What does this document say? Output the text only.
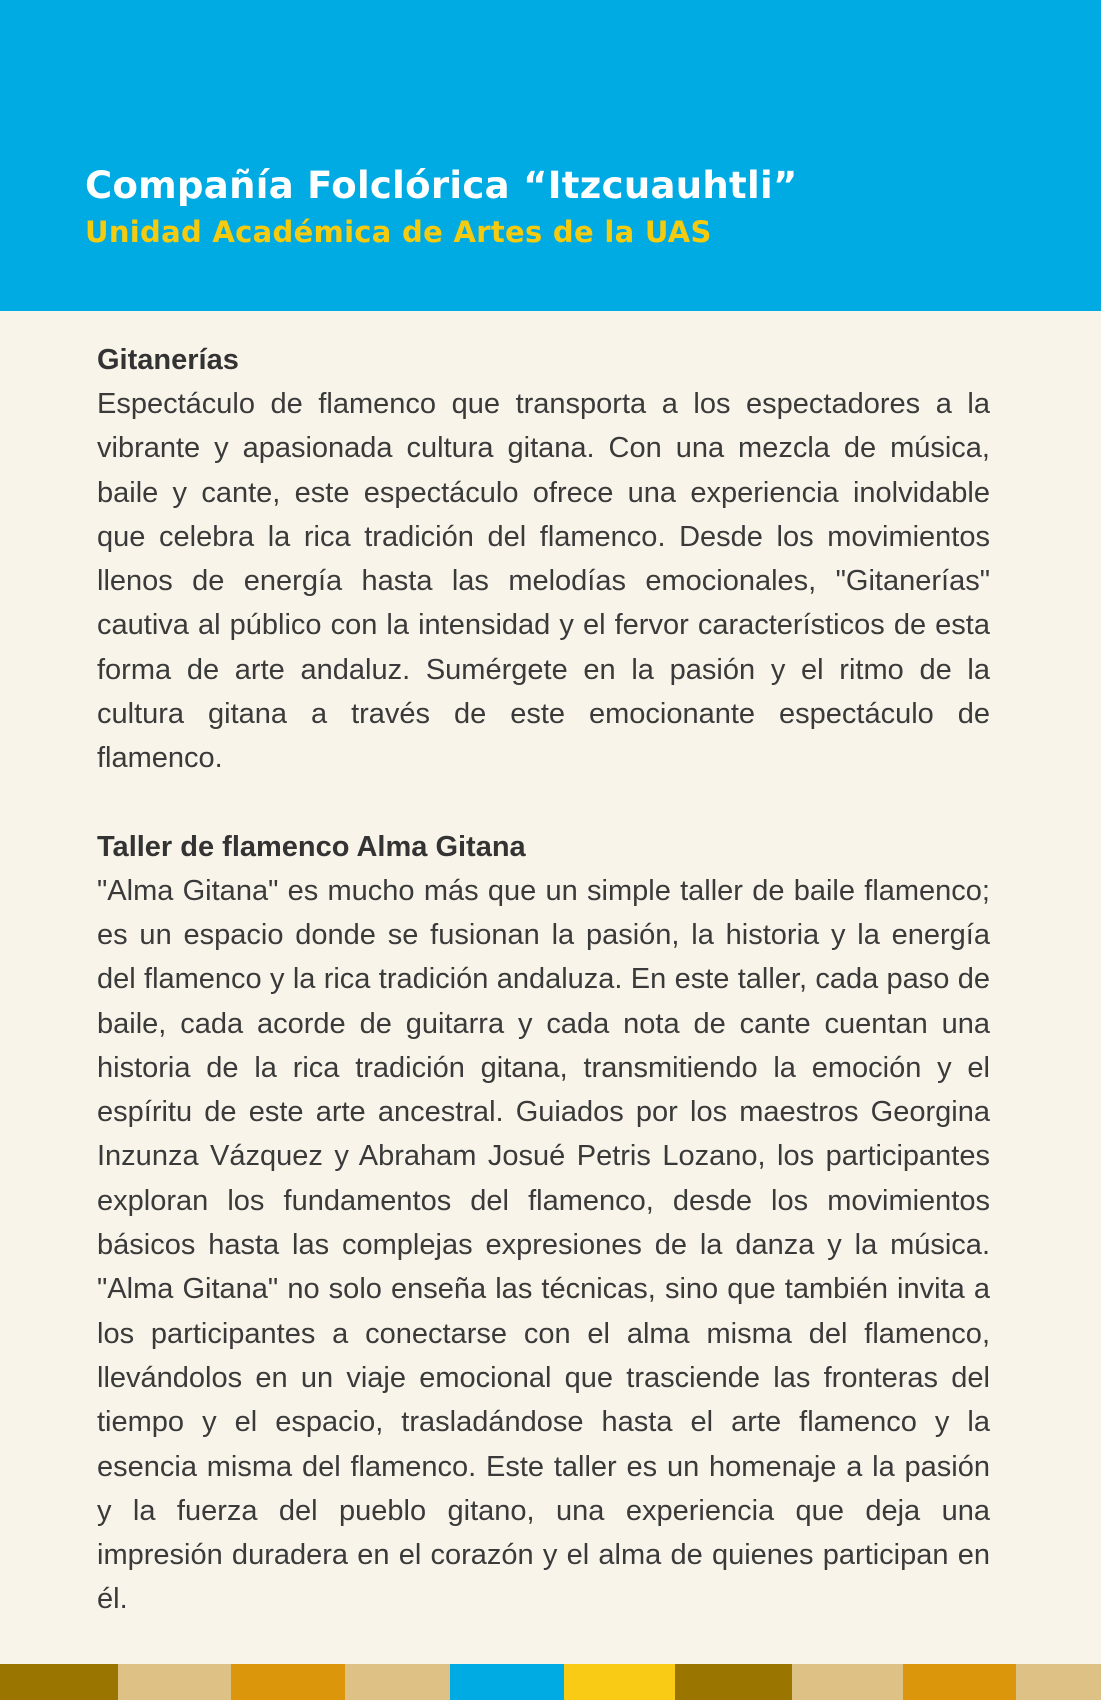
Compañía Folclórica “Itzcuauhtli”
Unidad Académica de Artes de la UAS
Gitanerías

Espectáculo de flamenco que transporta a los espectadores a la vibrante y apasionada cultura gitana. Con una mezcla de música, baile y cante, este espectáculo ofrece una experiencia inolvidable que celebra la rica tradición del flamenco. Desde los movimientos llenos de energía hasta las melodías emocionales, "Gitanerías" cautiva al público con la intensidad y el fervor característicos de esta forma de arte andaluz. Sumérgete en la pasión y el ritmo de la cultura gitana a través de este emocionante espectáculo de flamenco.

Taller de flamenco Alma Gitana

"Alma Gitana" es mucho más que un simple taller de baile flamenco; es un espacio donde se fusionan la pasión, la historia y la energía del flamenco y la rica tradición andaluza. En este taller, cada paso de baile, cada acorde de guitarra y cada nota de cante cuentan una historia de la rica tradición gitana, transmitiendo la emoción y el espíritu de este arte ancestral. Guiados por los maestros Georgina Inzunza Vázquez y Abraham Josué Petris Lozano, los participantes exploran los fundamentos del flamenco, desde los movimientos básicos hasta las complejas expresiones de la danza y la música. "Alma Gitana" no solo enseña las técnicas, sino que también invita a los participantes a conectarse con el alma misma del flamenco, llevándolos en un viaje emocional que trasciende las fronteras del tiempo y el espacio, trasladándose hasta el arte flamenco y la esencia misma del flamenco. Este taller es un homenaje a la pasión y la fuerza del pueblo gitano, una experiencia que deja una impresión duradera en el corazón y el alma de quienes participan en él.
